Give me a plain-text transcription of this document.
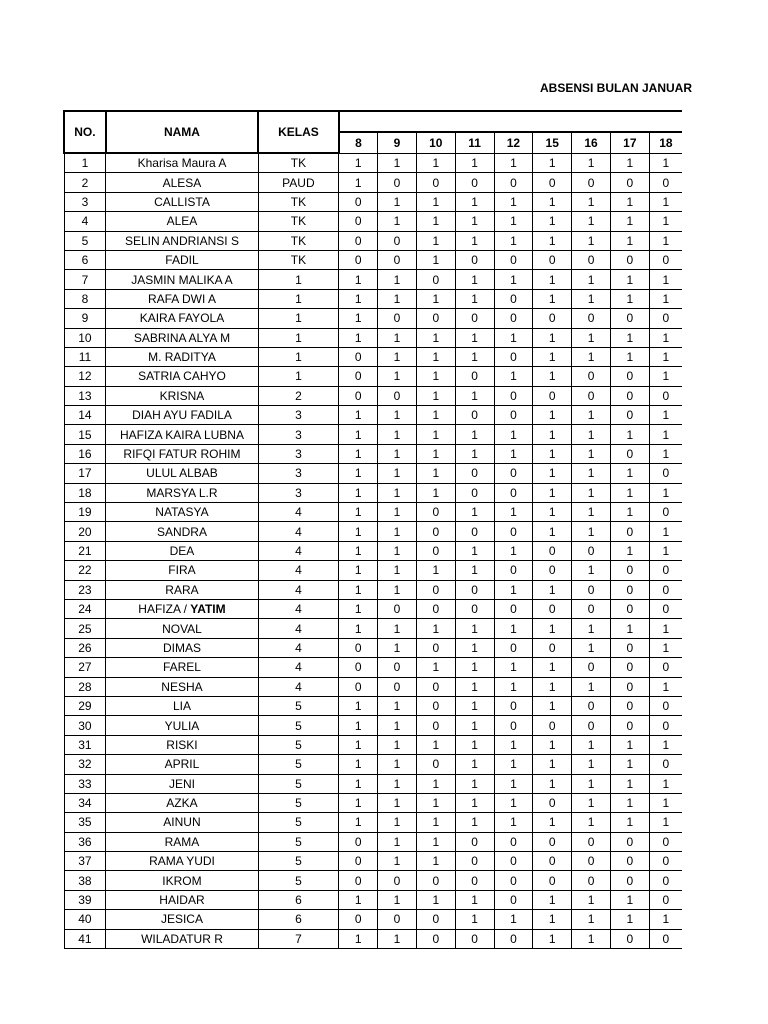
ABSENSI BULAN JANUAR
NO.	NAMA	KELAS									
			8	9	10	11	12	15	16	17	18
1	Kharisa Maura A	TK	1	1	1	1	1	1	1	1	1
2	ALESA	PAUD	1	0	0	0	0	0	0	0	0
3	CALLISTA	TK	0	1	1	1	1	1	1	1	1
4	ALEA	TK	0	1	1	1	1	1	1	1	1
5	SELIN ANDRIANSI S	TK	0	0	1	1	1	1	1	1	1
6	FADIL	TK	0	0	1	0	0	0	0	0	0
7	JASMIN MALIKA A	1	1	1	0	1	1	1	1	1	1
8	RAFA DWI A	1	1	1	1	1	0	1	1	1	1
9	KAIRA FAYOLA	1	1	0	0	0	0	0	0	0	0
10	SABRINA ALYA M	1	1	1	1	1	1	1	1	1	1
11	M. RADITYA	1	0	1	1	1	0	1	1	1	1
12	SATRIA CAHYO	1	0	1	1	0	1	1	0	0	1
13	KRISNA	2	0	0	1	1	0	0	0	0	0
14	DIAH AYU FADILA	3	1	1	1	0	0	1	1	0	1
15	HAFIZA KAIRA LUBNA	3	1	1	1	1	1	1	1	1	1
16	RIFQI FATUR ROHIM	3	1	1	1	1	1	1	1	0	1
17	ULUL ALBAB	3	1	1	1	0	0	1	1	1	0
18	MARSYA L.R	3	1	1	1	0	0	1	1	1	1
19	NATASYA	4	1	1	0	1	1	1	1	1	0
20	SANDRA	4	1	1	0	0	0	1	1	0	1
21	DEA	4	1	1	0	1	1	0	0	1	1
22	FIRA	4	1	1	1	1	0	0	1	0	0
23	RARA	4	1	1	0	0	1	1	0	0	0
24	HAFIZA / YATIM	4	1	0	0	0	0	0	0	0	0
25	NOVAL	4	1	1	1	1	1	1	1	1	1
26	DIMAS	4	0	1	0	1	0	0	1	0	1
27	FAREL	4	0	0	1	1	1	1	0	0	0
28	NESHA	4	0	0	0	1	1	1	1	0	1
29	LIA	5	1	1	0	1	0	1	0	0	0
30	YULIA	5	1	1	0	1	0	0	0	0	0
31	RISKI	5	1	1	1	1	1	1	1	1	1
32	APRIL	5	1	1	0	1	1	1	1	1	0
33	JENI	5	1	1	1	1	1	1	1	1	1
34	AZKA	5	1	1	1	1	1	0	1	1	1
35	AINUN	5	1	1	1	1	1	1	1	1	1
36	RAMA	5	0	1	1	0	0	0	0	0	0
37	RAMA YUDI	5	0	1	1	0	0	0	0	0	0
38	IKROM	5	0	0	0	0	0	0	0	0	0
39	HAIDAR	6	1	1	1	1	0	1	1	1	0
40	JESICA	6	0	0	0	1	1	1	1	1	1
41	WILADATUR R	7	1	1	0	0	0	1	1	0	0
